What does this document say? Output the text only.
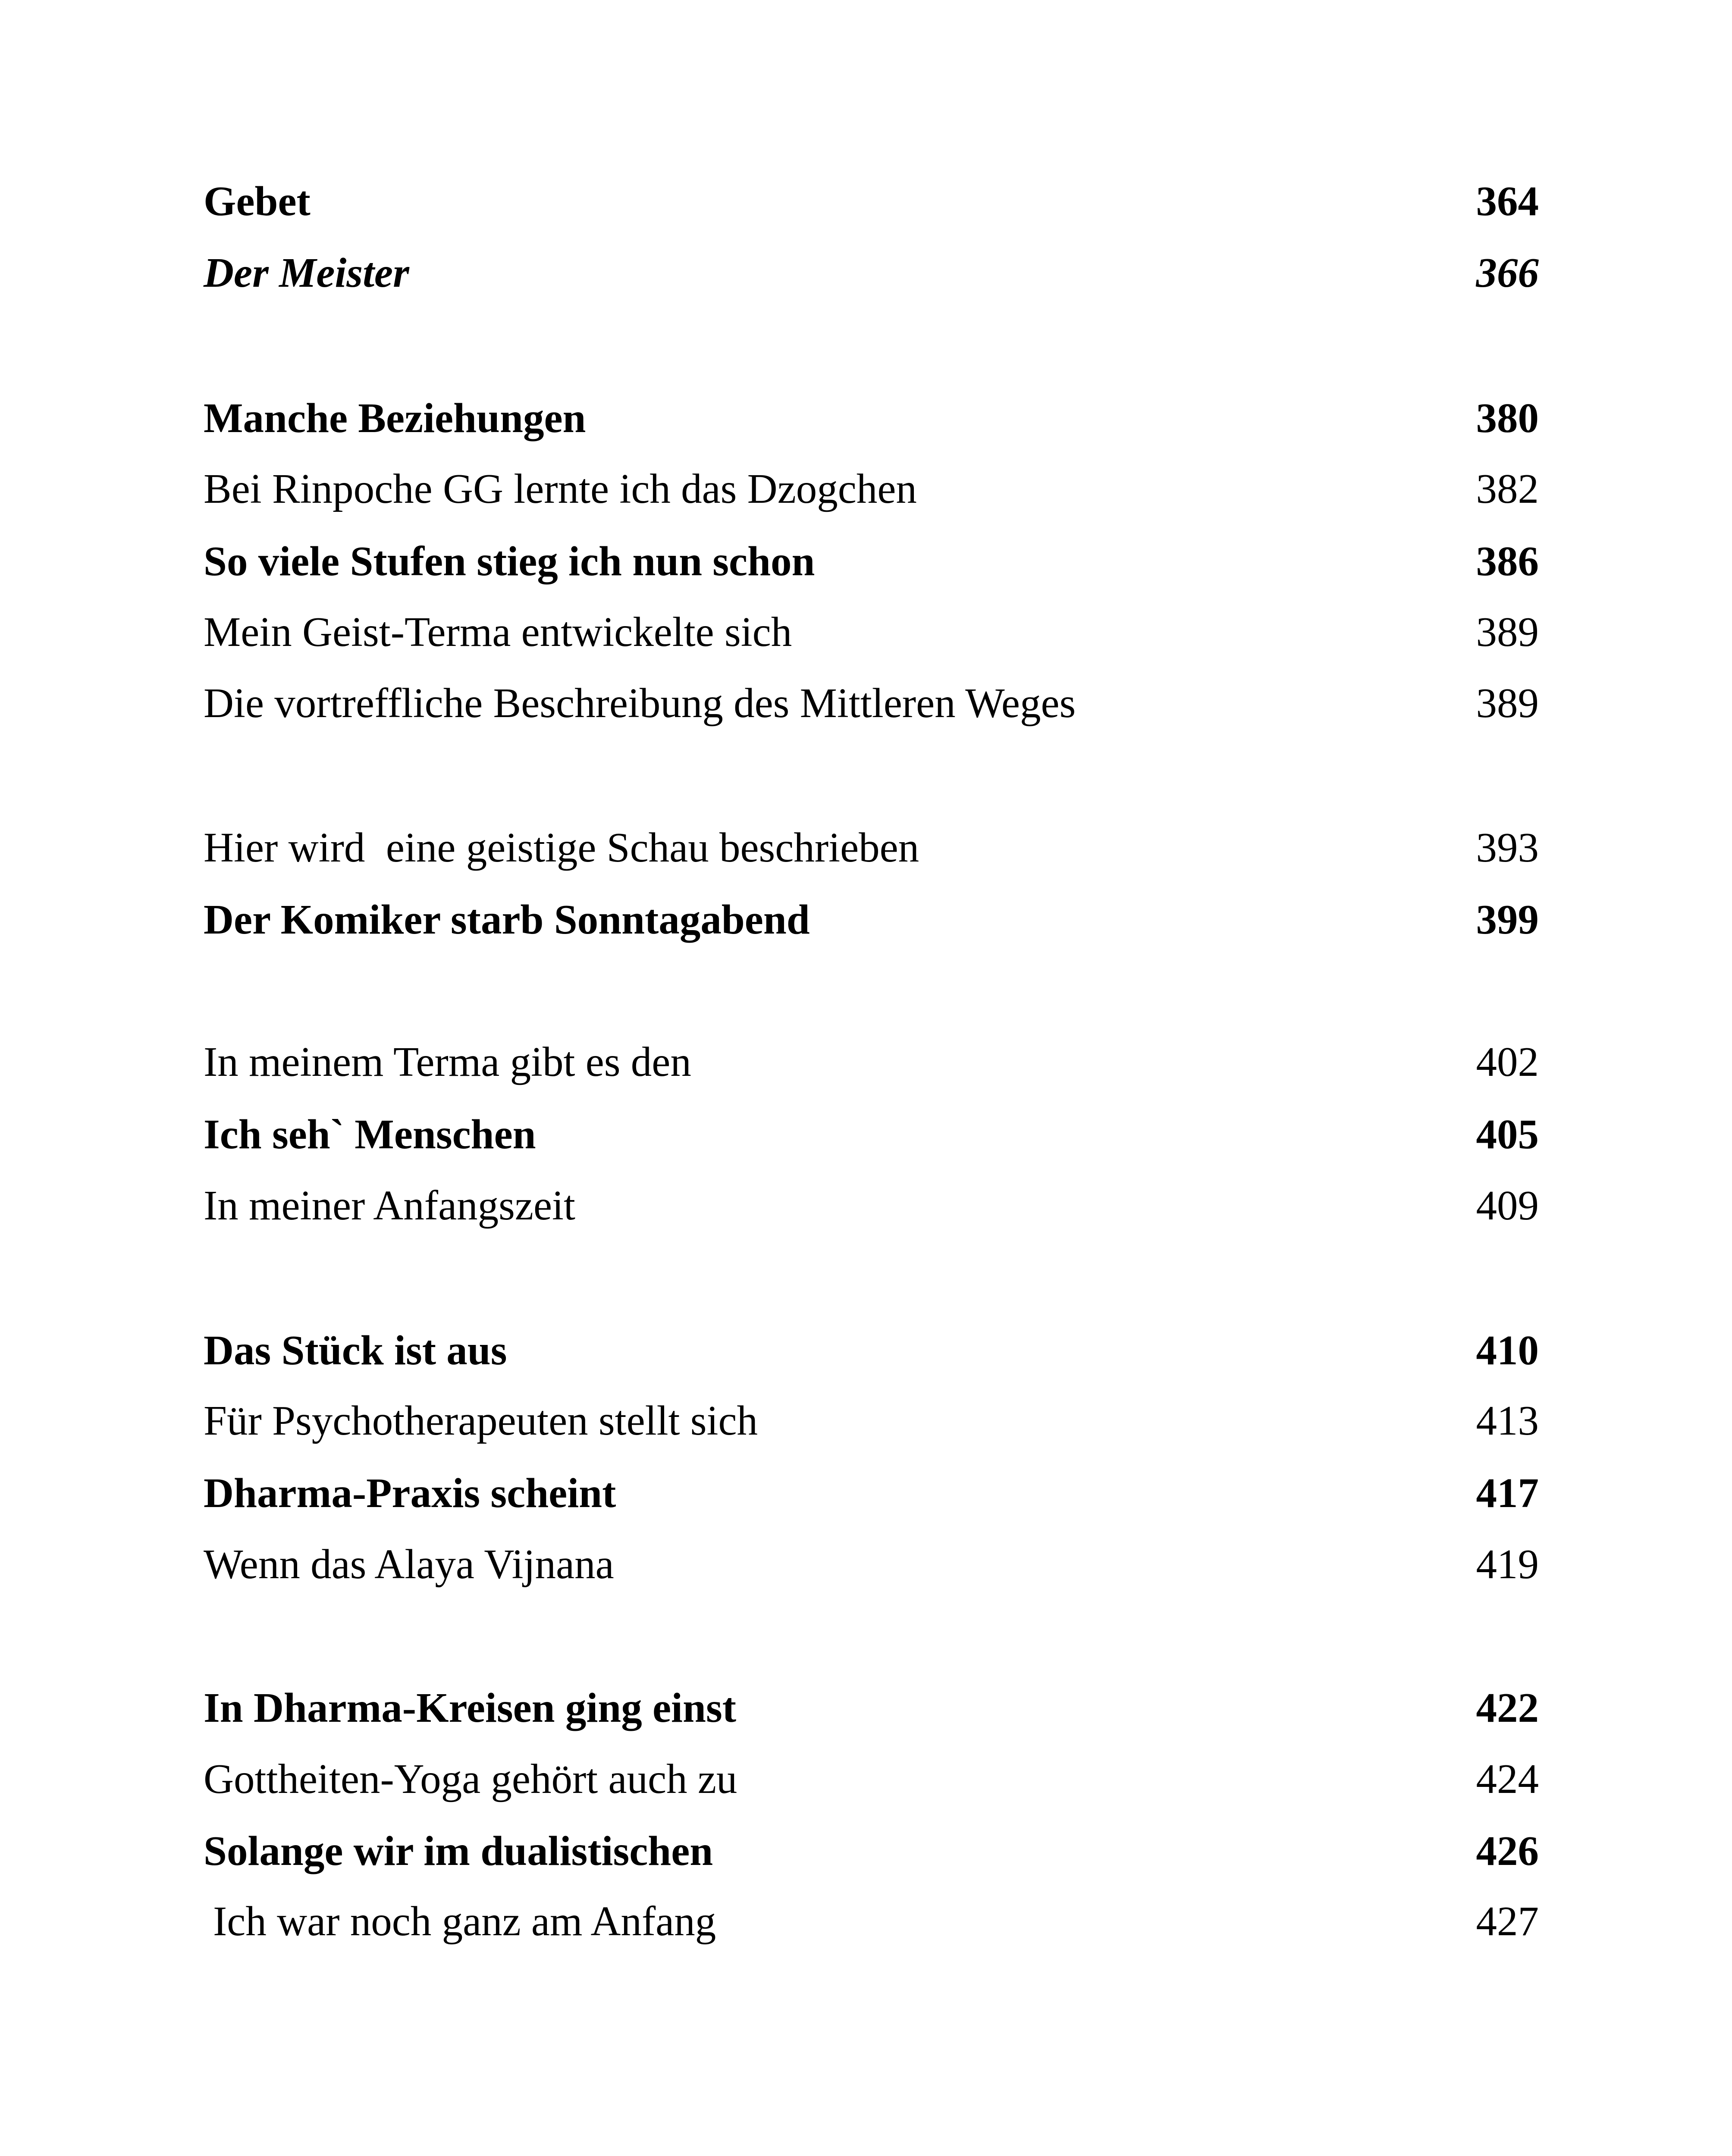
Gebet	364
Der Meister	366
Manche Beziehungen	380
Bei Rinpoche GG lernte ich das Dzogchen	382
So viele Stufen stieg ich nun schon	386
Mein Geist-Terma entwickelte sich	389
Die vortreffliche Beschreibung des Mittleren Weges	389
Hier wird  eine geistige Schau beschrieben	393
Der Komiker starb Sonntagabend	399
In meinem Terma gibt es den	402
Ich seh` Menschen	405
In meiner Anfangszeit	409
Das Stück ist aus	410
Für Psychotherapeuten stellt sich	413
Dharma-Praxis scheint	417
Wenn das Alaya Vijnana	419
In Dharma-Kreisen ging einst	422
Gottheiten-Yoga gehört auch zu	424
Solange wir im dualistischen	426
Ich war noch ganz am Anfang	427
